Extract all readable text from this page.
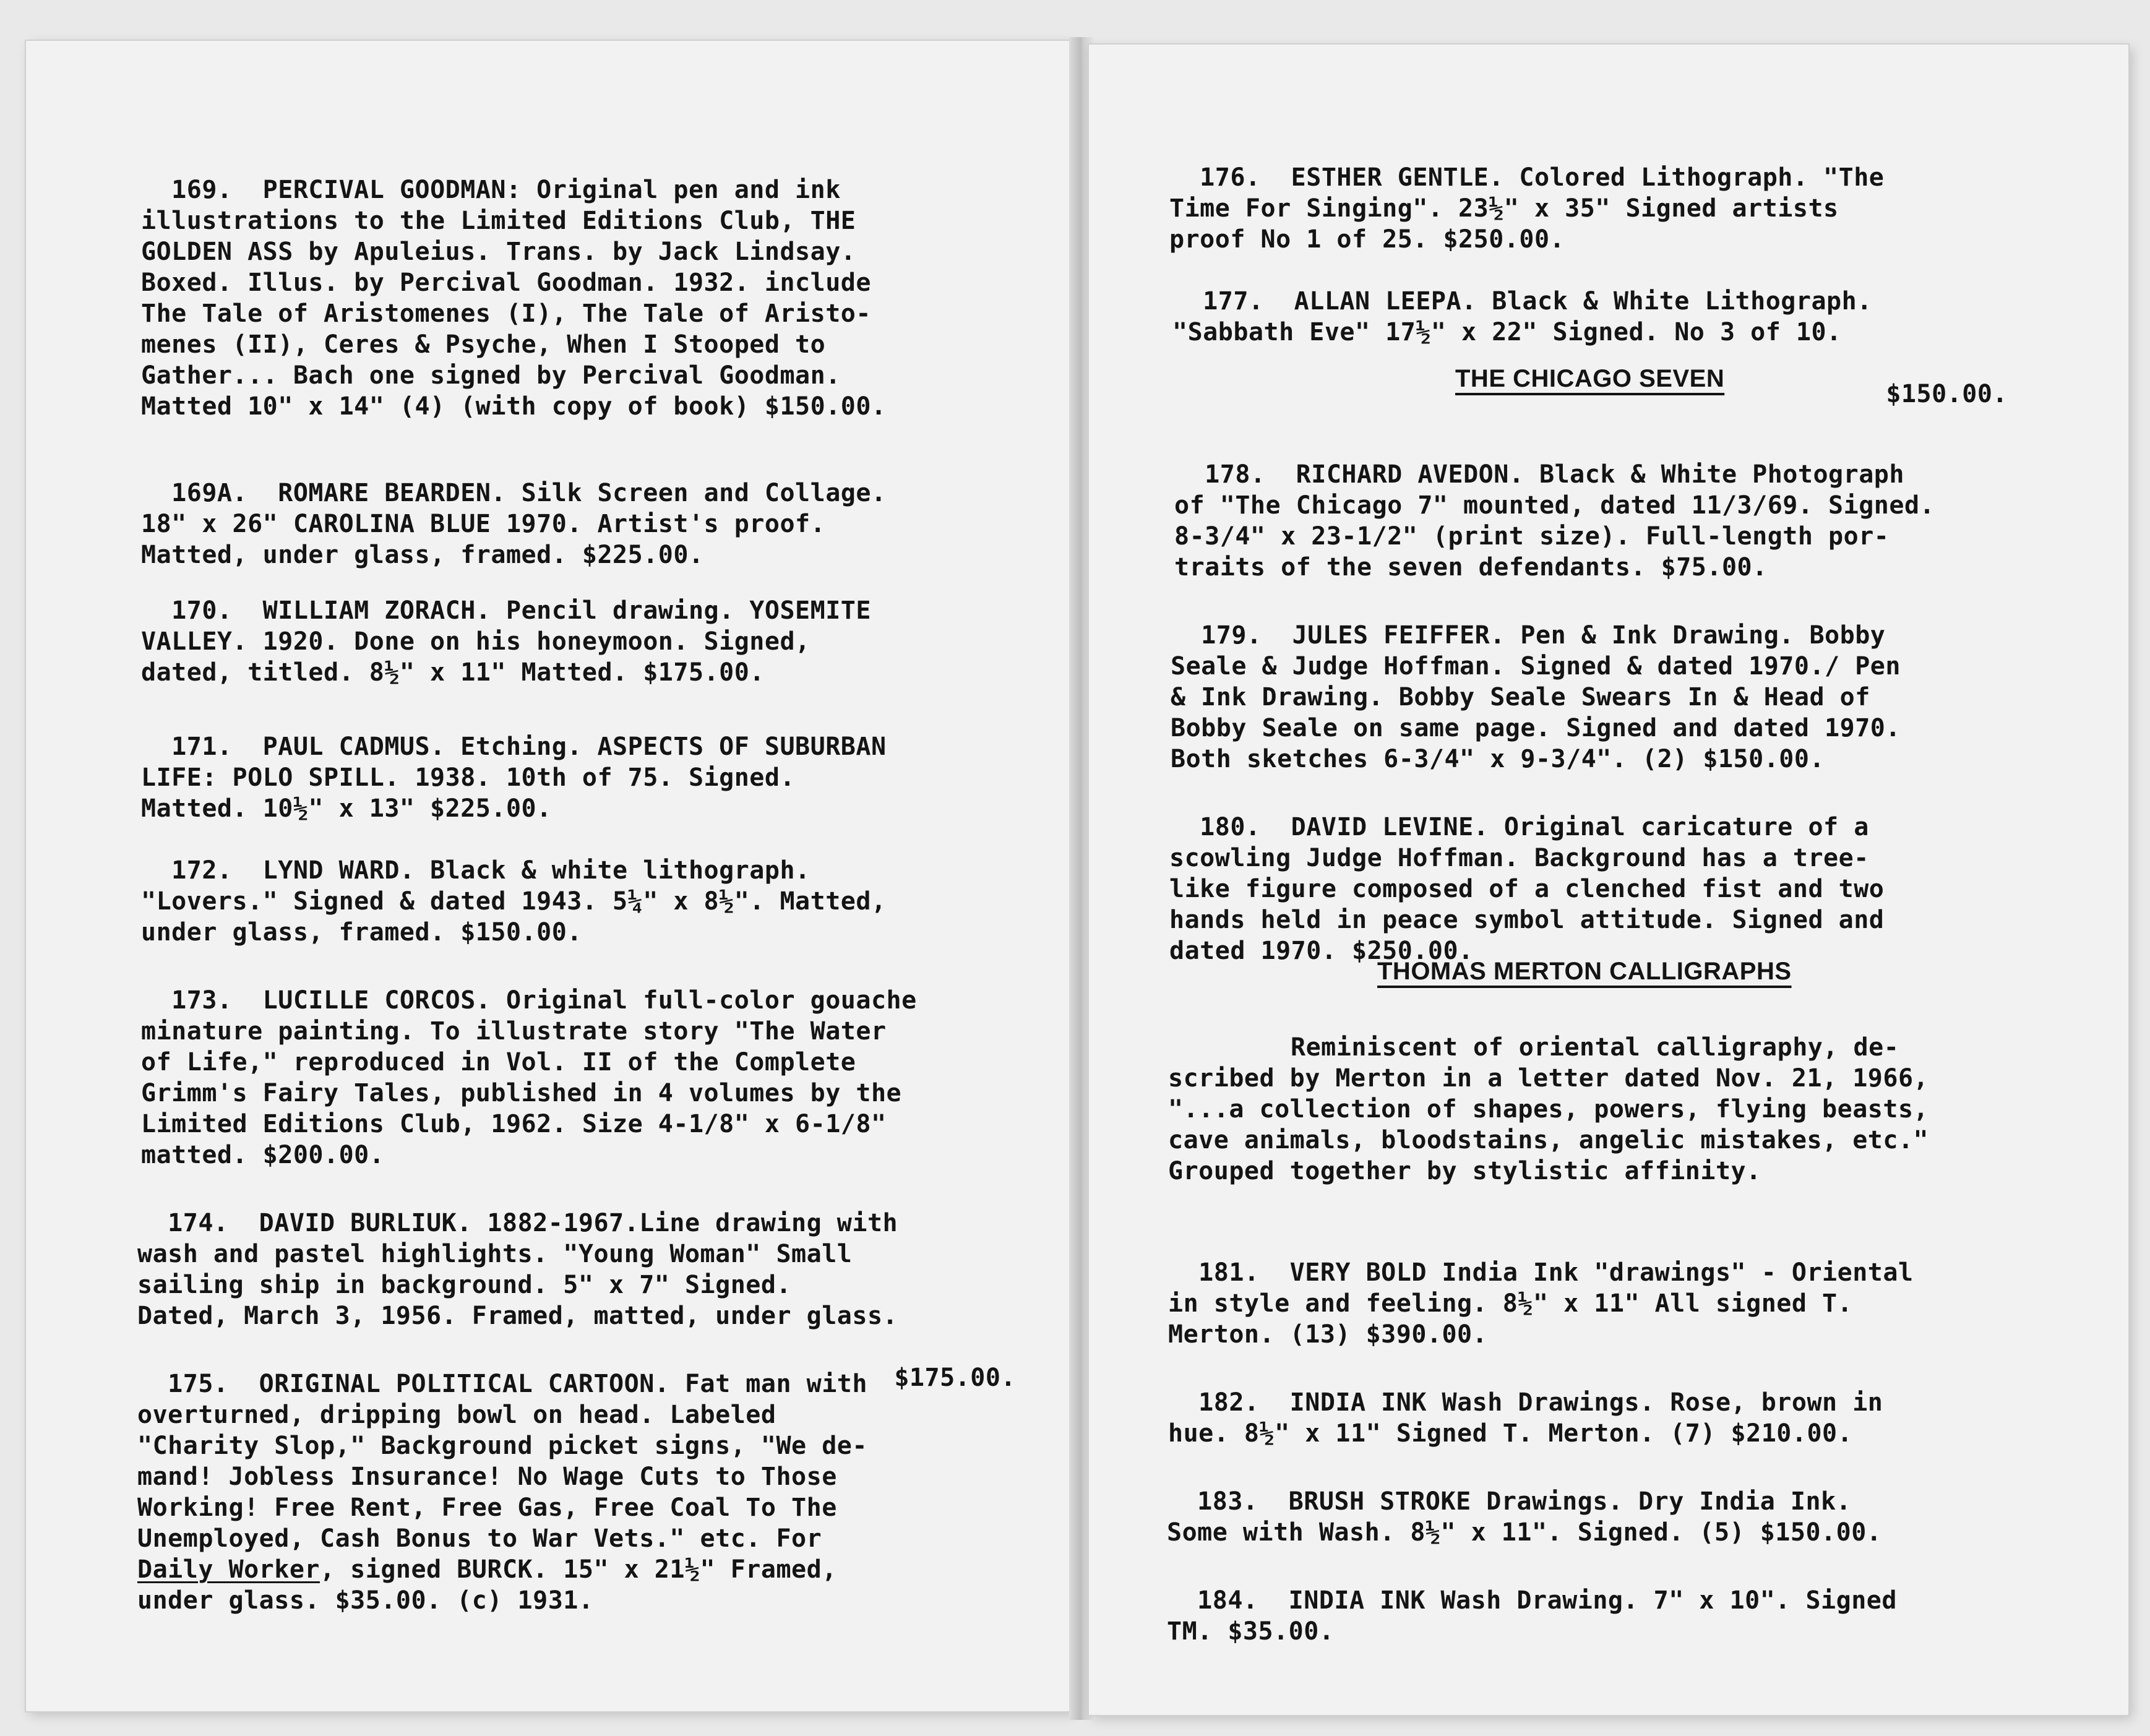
169. PERCIVAL GOODMAN: Original pen and ink
illustrations to the Limited Editions Club, THE
GOLDEN ASS by Apuleius. Trans. by Jack Lindsay.
Boxed. Illus. by Percival Goodman. 1932. include
The Tale of Aristomenes (I), The Tale of Aristo-
menes (II), Ceres & Psyche, When I Stooped to
Gather... Bach one signed by Percival Goodman.
Matted 10" x 14" (4) (with copy of book) $150.00.

169A. ROMARE BEARDEN. Silk Screen and Collage.
18" x 26" CAROLINA BLUE 1970. Artist's proof.
Matted, under glass, framed. $225.00.

170. WILLIAM ZORACH. Pencil drawing. YOSEMITE
VALLEY. 1920. Done on his honeymoon. Signed,
dated, titled. 8½" x 11" Matted. $175.00.

171. PAUL CADMUS. Etching. ASPECTS OF SUBURBAN
LIFE: POLO SPILL. 1938. 10th of 75. Signed.
Matted. 10½" x 13" $225.00.

172. LYND WARD. Black & white lithograph.
"Lovers." Signed & dated 1943. 5¼" x 8½". Matted,
under glass, framed. $150.00.

173. LUCILLE CORCOS. Original full-color gouache
minature painting. To illustrate story "The Water
of Life," reproduced in Vol. II of the Complete
Grimm's Fairy Tales, published in 4 volumes by the
Limited Editions Club, 1962. Size 4-1/8" x 6-1/8"
matted. $200.00.

174. DAVID BURLIUK. 1882-1967.Line drawing with
wash and pastel highlights. "Young Woman" Small
sailing ship in background. 5" x 7" Signed.
Dated, March 3, 1956. Framed, matted, under glass.

$175.00.

175. ORIGINAL POLITICAL CARTOON. Fat man with
overturned, dripping bowl on head. Labeled
"Charity Slop," Background picket signs, "We de-
mand! Jobless Insurance! No Wage Cuts to Those
Working! Free Rent, Free Gas, Free Coal To The
Unemployed, Cash Bonus to War Vets." etc. For
Daily Worker, signed BURCK. 15" x 21½" Framed,
under glass. $35.00. (c) 1931.

176. ESTHER GENTLE. Colored Lithograph. "The
Time For Singing". 23½" x 35" Signed artists
proof No 1 of 25. $250.00.

177. ALLAN LEEPA. Black & White Lithograph.
"Sabbath Eve" 17½" x 22" Signed. No 3 of 10.

$150.00.

THE CHICAGO SEVEN

178. RICHARD AVEDON. Black & White Photograph
of "The Chicago 7" mounted, dated 11/3/69. Signed.
8-3/4" x 23-1/2" (print size). Full-length por-
traits of the seven defendants. $75.00.

179. JULES FEIFFER. Pen & Ink Drawing. Bobby
Seale & Judge Hoffman. Signed & dated 1970./ Pen
& Ink Drawing. Bobby Seale Swears In & Head of
Bobby Seale on same page. Signed and dated 1970.
Both sketches 6-3/4" x 9-3/4". (2) $150.00.

180. DAVID LEVINE. Original caricature of a
scowling Judge Hoffman. Background has a tree-
like figure composed of a clenched fist and two
hands held in peace symbol attitude. Signed and
dated 1970. $250.00.

THOMAS MERTON CALLIGRAPHS
Reminiscent of oriental calligraphy, de-
scribed by Merton in a letter dated Nov. 21, 1966,
"...a collection of shapes, powers, flying beasts,
cave animals, bloodstains, angelic mistakes, etc."
Grouped together by stylistic affinity.

181. VERY BOLD India Ink "drawings" - Oriental
in style and feeling. 8½" x 11" All signed T.
Merton. (13) $390.00.

182. INDIA INK Wash Drawings. Rose, brown in
hue. 8½" x 11" Signed T. Merton. (7) $210.00.

183. BRUSH STROKE Drawings. Dry India Ink.
Some with Wash. 8½" x 11". Signed. (5) $150.00.

184. INDIA INK Wash Drawing. 7" x 10". Signed
TM. $35.00.
